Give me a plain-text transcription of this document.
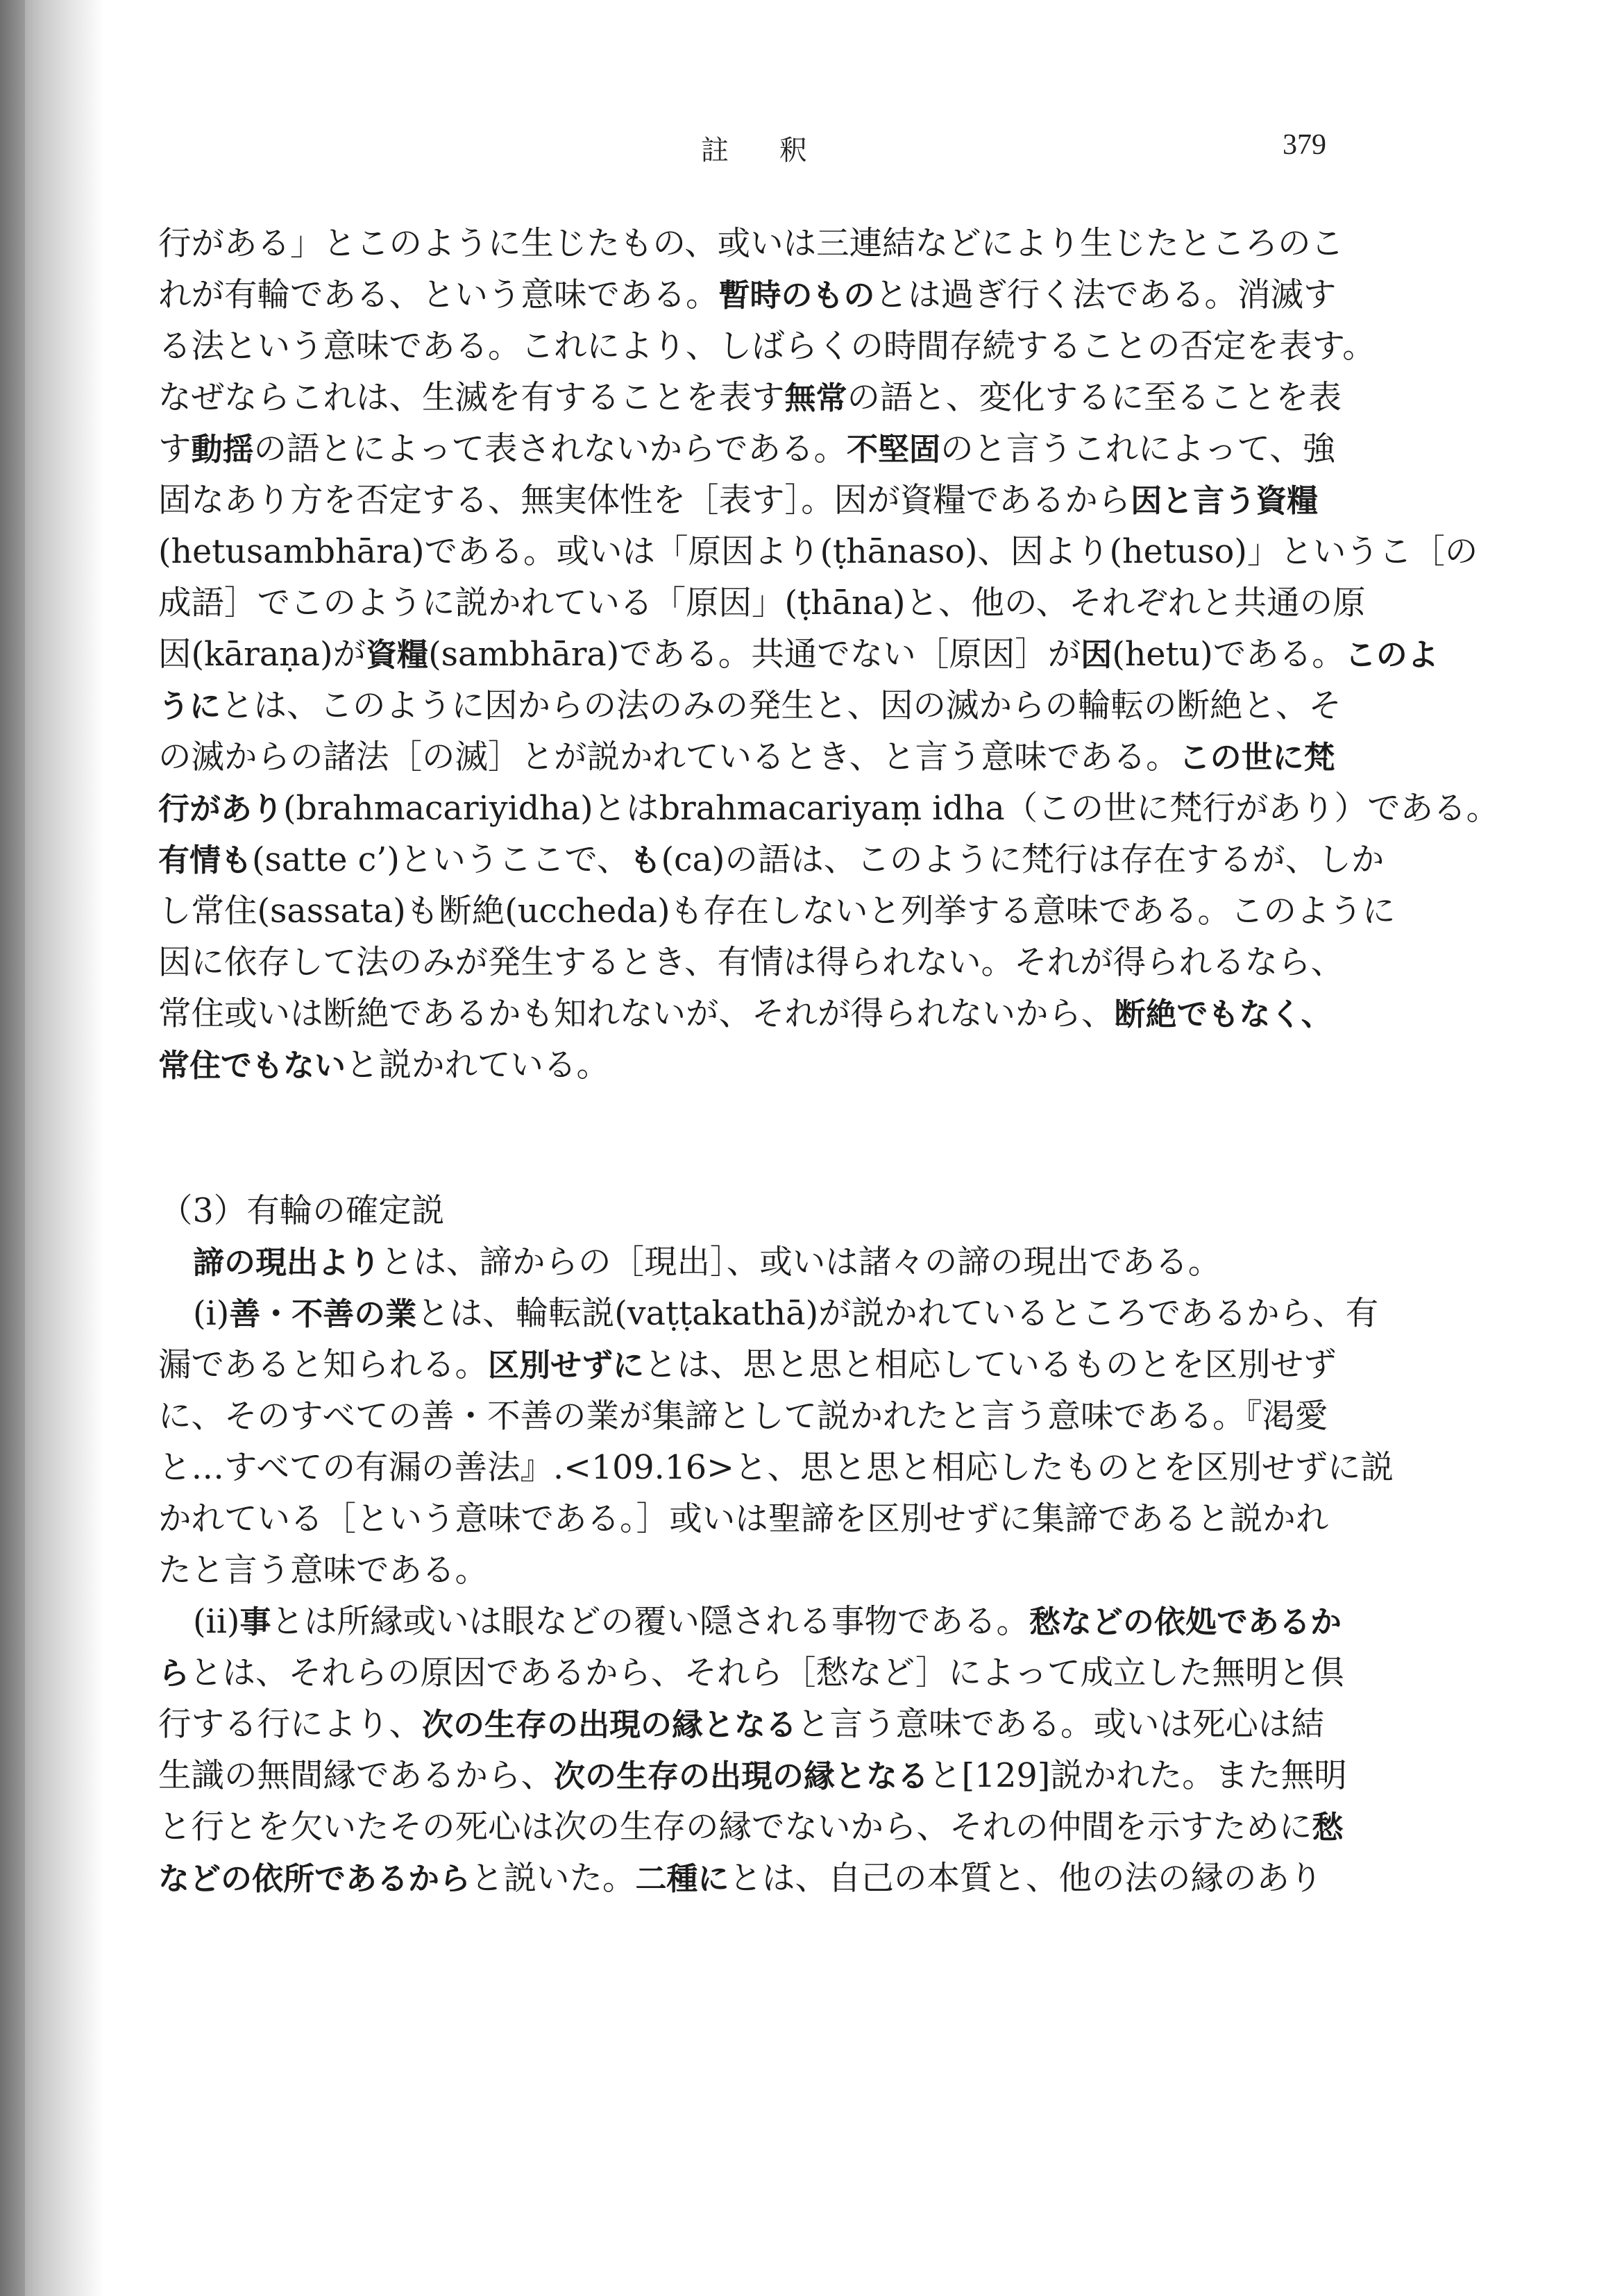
註 釈	379
行がある」とこのように生じたもの、或いは三連結などにより生じたところのこ
れが有輪である、という意味である。暫時のものとは過ぎ行く法である。消滅す
る法という意味である。これにより、しばらくの時間存続することの否定を表す。
なぜならこれは、生滅を有することを表す無常の語と、変化するに至ることを表
す動揺の語とによって表されないからである。不堅固のと言うこれによって、強
固なあり方を否定する、無実体性を［表す］。因が資糧であるから因と言う資糧
(hetusambhāra)である。或いは「原因より(ṭhānaso)、因より(hetuso)」というこ［の
成語］でこのように説かれている「原因」(ṭhāna)と、他の、それぞれと共通の原
因(kāraṇa)が資糧(sambhāra)である。共通でない［原因］が因(hetu)である。このよ
うにとは、このように因からの法のみの発生と、因の滅からの輪転の断絶と、そ
の滅からの諸法［の滅］とが説かれているとき、と言う意味である。この世に梵
行があり(brahmacariyidha)とはbrahmacariyaṃ idha（この世に梵行があり）である。
有情も(satte c’)というここで、も(ca)の語は、このように梵行は存在するが、しか
し常住(sassata)も断絶(uccheda)も存在しないと列挙する意味である。このように
因に依存して法のみが発生するとき、有情は得られない。それが得られるなら、
常住或いは断絶であるかも知れないが、それが得られないから、断絶でもなく、
常住でもないと説かれている。
（3）有輪の確定説
諦の現出よりとは、諦からの［現出］、或いは諸々の諦の現出である。
(i)善・不善の業とは、輪転説(vaṭṭakathā)が説かれているところであるから、有
漏であると知られる。区別せずにとは、思と思と相応しているものとを区別せず
に、そのすべての善・不善の業が集諦として説かれたと言う意味である。『渇愛
と…すべての有漏の善法』.<109.16>と、思と思と相応したものとを区別せずに説
かれている［という意味である。］或いは聖諦を区別せずに集諦であると説かれ
たと言う意味である。
(ii)事とは所縁或いは眼などの覆い隠される事物である。愁などの依処であるか
らとは、それらの原因であるから、それら［愁など］によって成立した無明と倶
行する行により、次の生存の出現の縁となると言う意味である。或いは死心は結
生識の無間縁であるから、次の生存の出現の縁となると[129]説かれた。また無明
と行とを欠いたその死心は次の生存の縁でないから、それの仲間を示すために愁
などの依所であるからと説いた。二種にとは、自己の本質と、他の法の縁のあり
